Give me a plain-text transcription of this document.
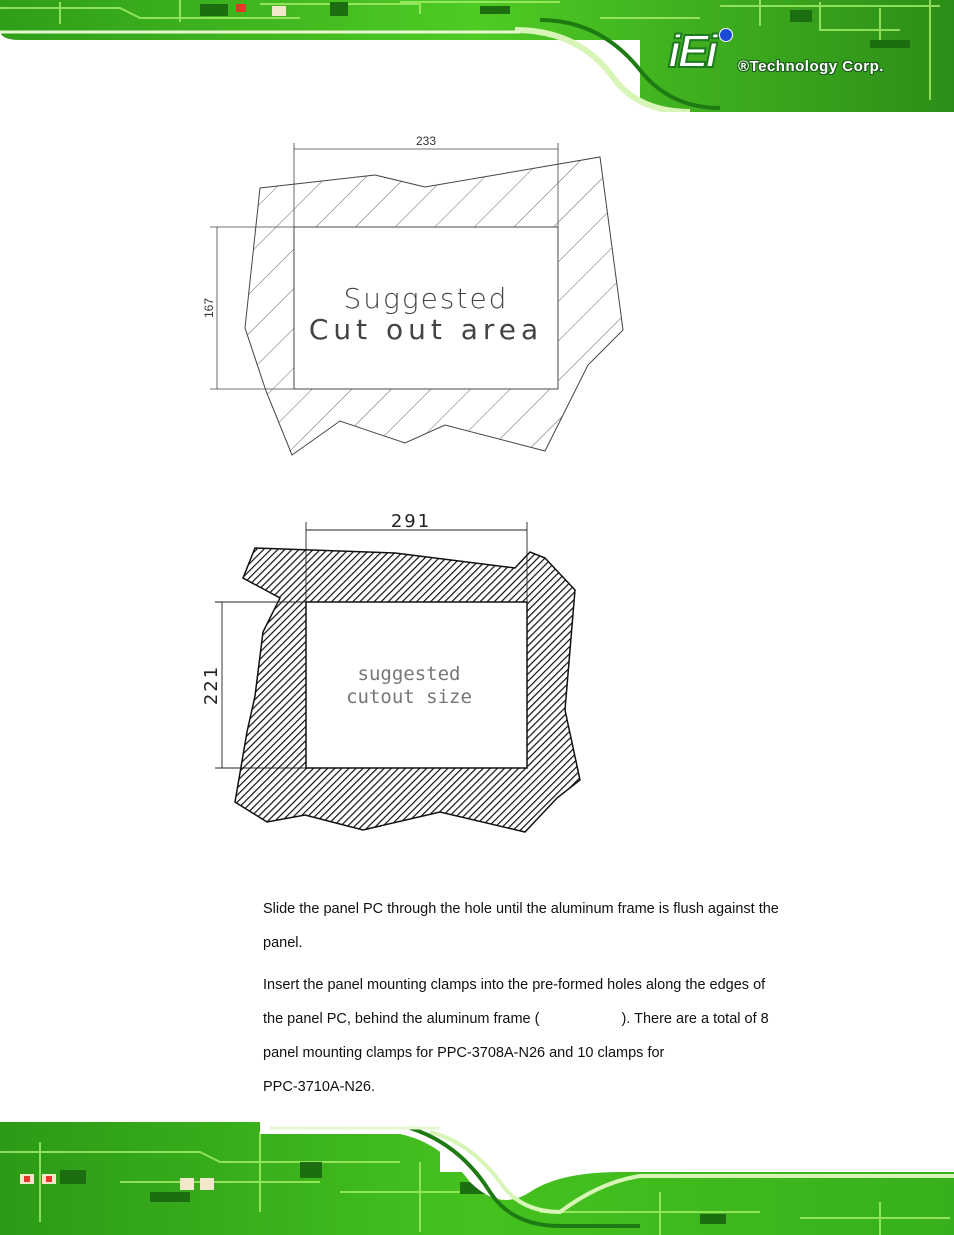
iEi ®Technology Corp.
233
167	Suggested
Cut out area
291
221	suggested
cutout size
Slide the panel PC through the hole until the aluminum frame is flush against the
panel.
Insert the panel mounting clamps into the pre-formed holes along the edges of
the panel PC, behind the aluminum frame (	). There are a total of 8
panel mounting clamps for PPC-3708A-N26 and 10 clamps for
PPC-3710A-N26.
